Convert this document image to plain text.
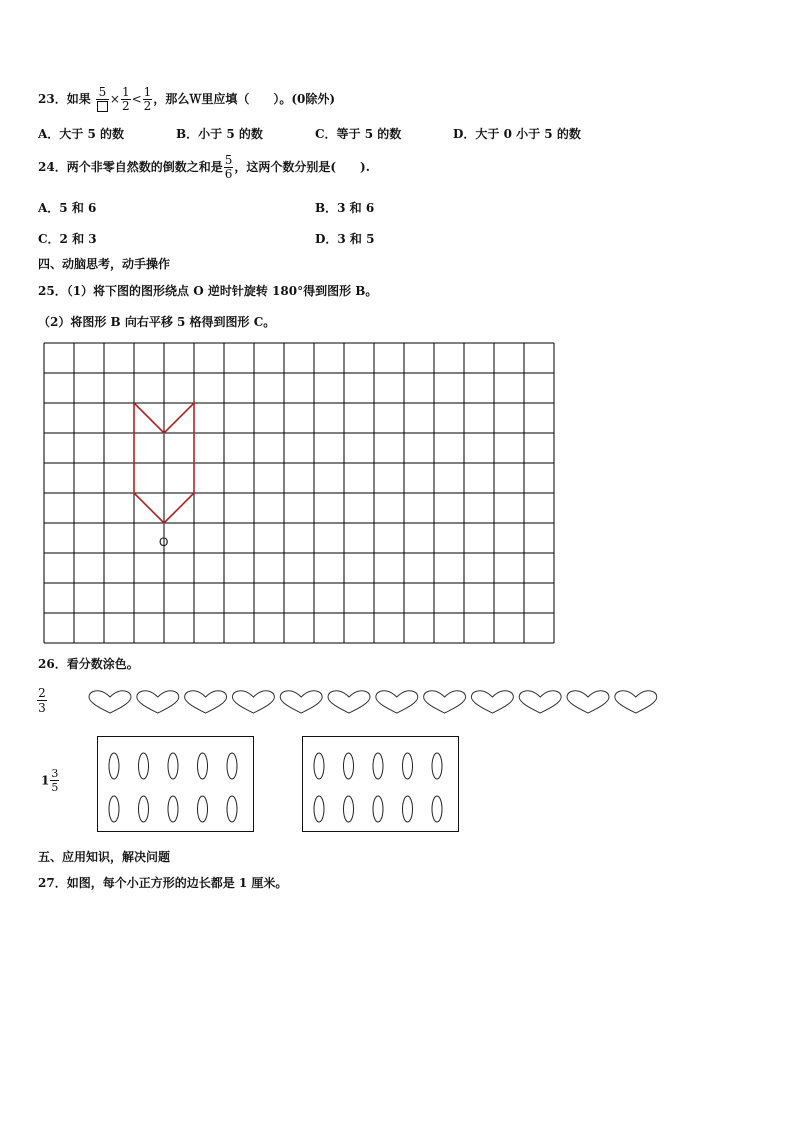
23．如果 $5 \times \frac{1}{2} < \frac{1}{2}$ ，那么Ｗ里应填（　　）。(0除外)
A．大于 5 的数	B．小于 5 的数	C．等于 5 的数	D．大于 0 小于 5 的数
24．两个非零自然数的倒数之和是 $\frac{5}{6}$ ，这两个数分别是(　　).
A．5 和 6	B．3 和 6
C．2 和 3	D．3 和 5
四、动脑思考，动手操作
25．（1）将下图的图形绕点 O 逆时针旋转 180°得到图形 B。
（2）将图形 B 向右平移 5 格得到图形 C。
O
26．看分数涂色。
$\frac{2}{3}$
$1 \frac{3}{5}$
五、应用知识，解决问题
27．如图，每个小正方形的边长都是 1 厘米。
